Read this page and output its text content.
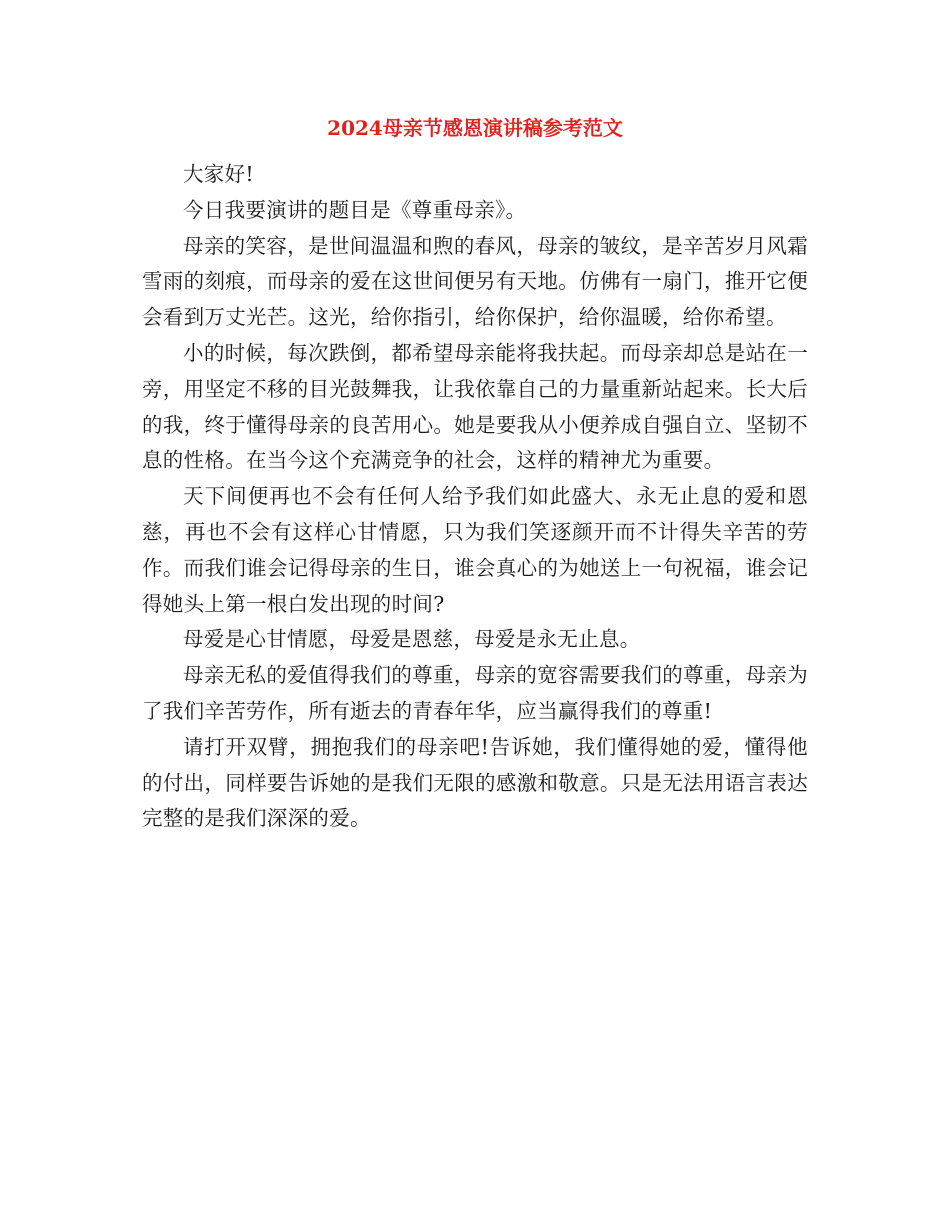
2024母亲节感恩演讲稿参考范文

大家好!

今日我要演讲的题目是《尊重母亲》。

母亲的笑容，是世间温温和煦的春风，母亲的皱纹，是辛苦岁月风霜雪雨的刻痕，而母亲的爱在这世间便另有天地。仿佛有一扇门，推开它便会看到万丈光芒。这光，给你指引，给你保护，给你温暖，给你希望。

小的时候，每次跌倒，都希望母亲能将我扶起。而母亲却总是站在一旁，用坚定不移的目光鼓舞我，让我依靠自己的力量重新站起来。长大后的我，终于懂得母亲的良苦用心。她是要我从小便养成自强自立、坚韧不息的性格。在当今这个充满竞争的社会，这样的精神尤为重要。

天下间便再也不会有任何人给予我们如此盛大、永无止息的爱和恩慈，再也不会有这样心甘情愿，只为我们笑逐颜开而不计得失辛苦的劳作。而我们谁会记得母亲的生日，谁会真心的为她送上一句祝福，谁会记得她头上第一根白发出现的时间?

母爱是心甘情愿，母爱是恩慈，母爱是永无止息。

母亲无私的爱值得我们的尊重，母亲的宽容需要我们的尊重，母亲为了我们辛苦劳作，所有逝去的青春年华，应当赢得我们的尊重!

请打开双臂，拥抱我们的母亲吧!告诉她，我们懂得她的爱，懂得他的付出，同样要告诉她的是我们无限的感激和敬意。只是无法用语言表达完整的是我们深深的爱。
